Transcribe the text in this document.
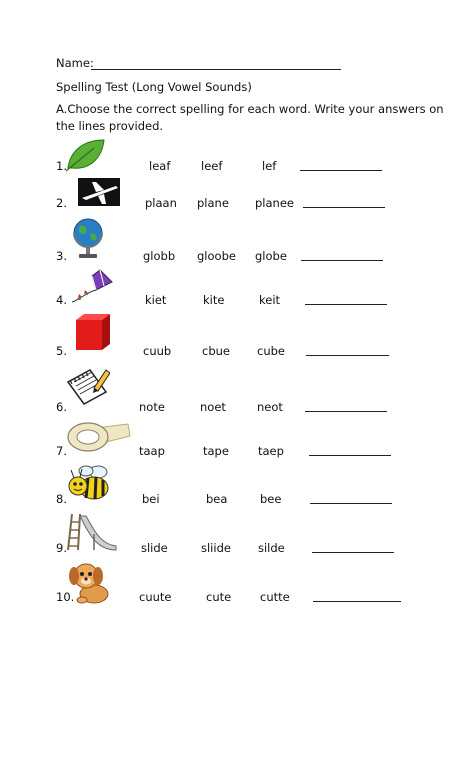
Name:
Spelling Test (Long Vowel Sounds)
A.Choose the correct spelling for each word. Write your answers on
the lines provided.
1.	leaf	leef	lef
2.	plaan plane planee
3.	globb gloobe globe
4.	kiet	kite	keit
5.	cuub	cbue cube
6.	note	noet	neot
7.	taap	tape	taep
8.	bei	bea	bee
9.	slide	sliide silde
10.	cuute	cute	cutte
